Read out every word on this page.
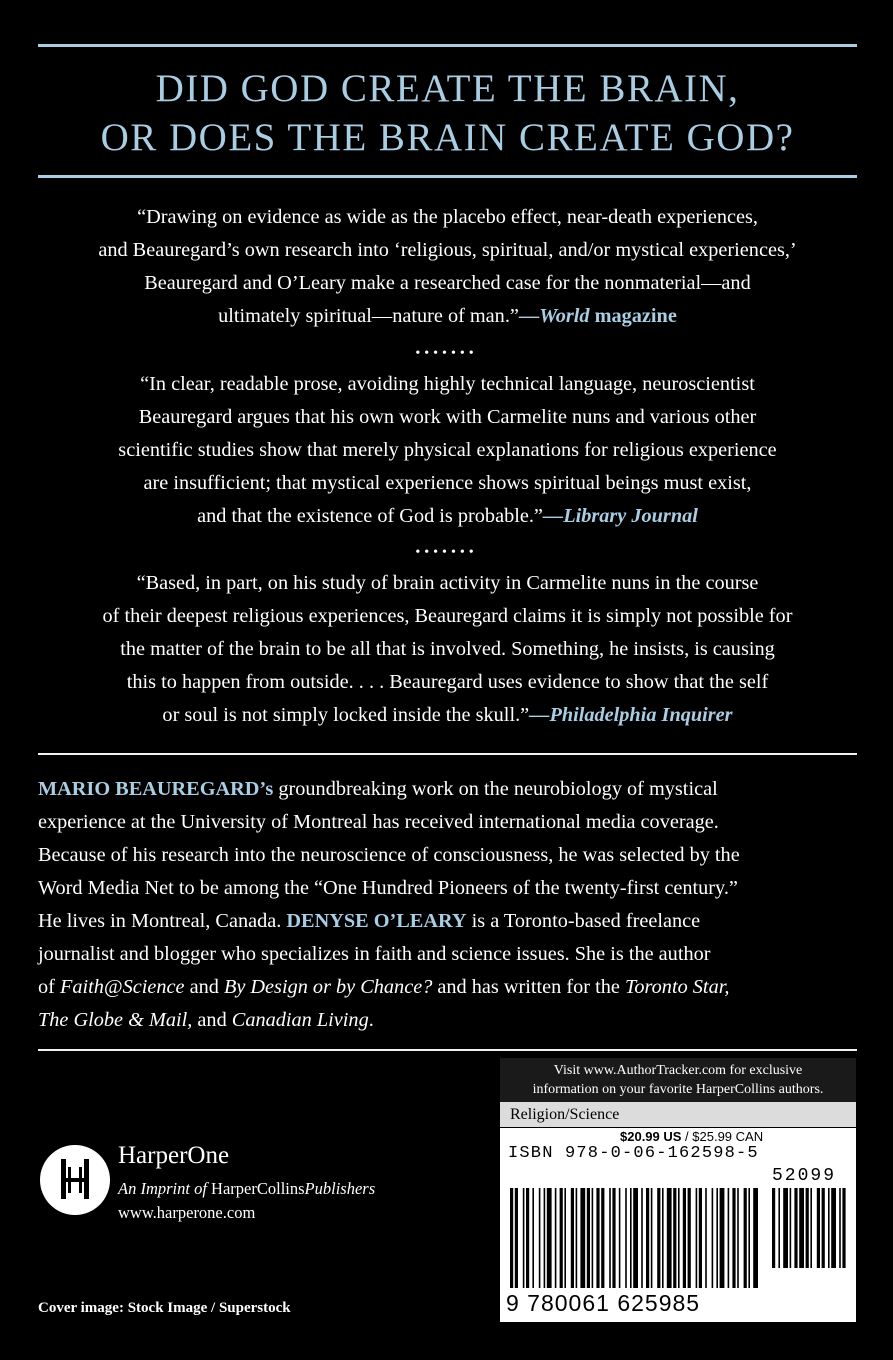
DID GOD CREATE THE BRAIN,
OR DOES THE BRAIN CREATE GOD?
“Drawing on evidence as wide as the placebo effect, near-death experiences,
and Beauregard’s own research into ‘religious, spiritual, and/or mystical experiences,’
Beauregard and O’Leary make a researched case for the nonmaterial—and
ultimately spiritual—nature of man.”—World magazine
•••••••
“In clear, readable prose, avoiding highly technical language, neuroscientist
Beauregard argues that his own work with Carmelite nuns and various other
scientific studies show that merely physical explanations for religious experience
are insufficient; that mystical experience shows spiritual beings must exist,
and that the existence of God is probable.”—Library Journal
•••••••
“Based, in part, on his study of brain activity in Carmelite nuns in the course
of their deepest religious experiences, Beauregard claims it is simply not possible for
the matter of the brain to be all that is involved. Something, he insists, is causing
this to happen from outside. . . . Beauregard uses evidence to show that the self
or soul is not simply locked inside the skull.”—Philadelphia Inquirer
MARIO BEAUREGARD’s groundbreaking work on the neurobiology of mystical
experience at the University of Montreal has received international media coverage.
Because of his research into the neuroscience of consciousness, he was selected by the
Word Media Net to be among the “One Hundred Pioneers of the twenty-first century.”
He lives in Montreal, Canada. DENYSE O’LEARY is a Toronto-based freelance
journalist and blogger who specializes in faith and science issues. She is the author
of Faith@Science and By Design or by Chance? and has written for the Toronto Star,
The Globe & Mail, and Canadian Living.
HarperOne
An Imprint of HarperCollinsPublishers
www.harperone.com
Cover image: Stock Image / Superstock
Visit www.AuthorTracker.com for exclusive
information on your favorite HarperCollins authors.
Religion/Science
$20.99 US / $25.99 CAN
ISBN 978-0-06-162598-5
52099
9 780061 625985
